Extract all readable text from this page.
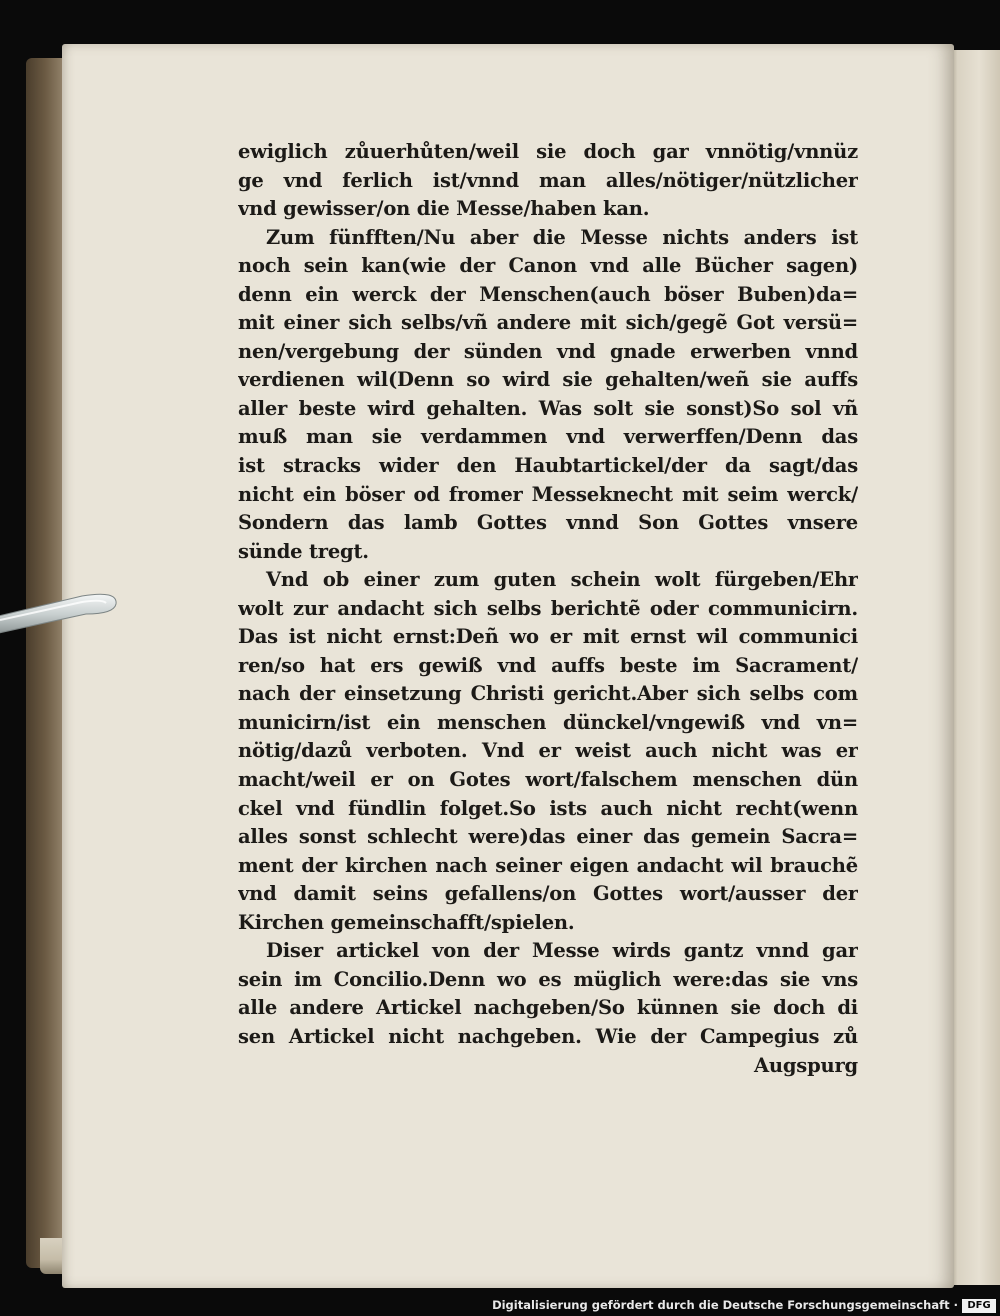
ewiglich zůuerhůten/weil sie doch gar vnnötig/vnnüz
ge vnd ferlich ist/vnnd man alles/nötiger/nützlicher
vnd gewisser/on die Messe/haben kan.
Zum fünfften/Nu aber die Messe nichts anders ist
noch sein kan(wie der Canon vnd alle Bücher sagen)
denn ein werck der Menschen(auch böser Buben)da=
mit einer sich selbs/vñ andere mit sich/gegẽ Got versü=
nen/vergebung der sünden vnd gnade erwerben vnnd
verdienen wil(Denn so wird sie gehalten/weñ sie auffs
aller beste wird gehalten. Was solt sie sonst)So sol vñ
muß man sie verdammen vnd verwerffen/Denn das
ist stracks wider den Haubtartickel/der da sagt/das
nicht ein böser od fromer Messeknecht mit seim werck/
Sondern das lamb Gottes vnnd Son Gottes vnsere
sünde tregt.
Vnd ob einer zum guten schein wolt fürgeben/Ehr
wolt zur andacht sich selbs berichtẽ oder communicirn.
Das ist nicht ernst:Deñ wo er mit ernst wil communici
ren/so hat ers gewiß vnd auffs beste im Sacrament/
nach der einsetzung Christi gericht.Aber sich selbs com
municirn/ist ein menschen dünckel/vngewiß vnd vn=
nötig/dazů verboten. Vnd er weist auch nicht was er
macht/weil er on Gotes wort/falschem menschen dün
ckel vnd fündlin folget.So ists auch nicht recht(wenn
alles sonst schlecht were)das einer das gemein Sacra=
ment der kirchen nach seiner eigen andacht wil brauchẽ
vnd damit seins gefallens/on Gottes wort/ausser der
Kirchen gemeinschafft/spielen.
Diser artickel von der Messe wirds gantz vnnd gar
sein im Concilio.Denn wo es müglich were:das sie vns
alle andere Artickel nachgeben/So künnen sie doch di
sen Artickel nicht nachgeben. Wie der Campegius zů
Augspurg
Digitalisierung gefördert durch die Deutsche Forschungsgemeinschaft · DFG
